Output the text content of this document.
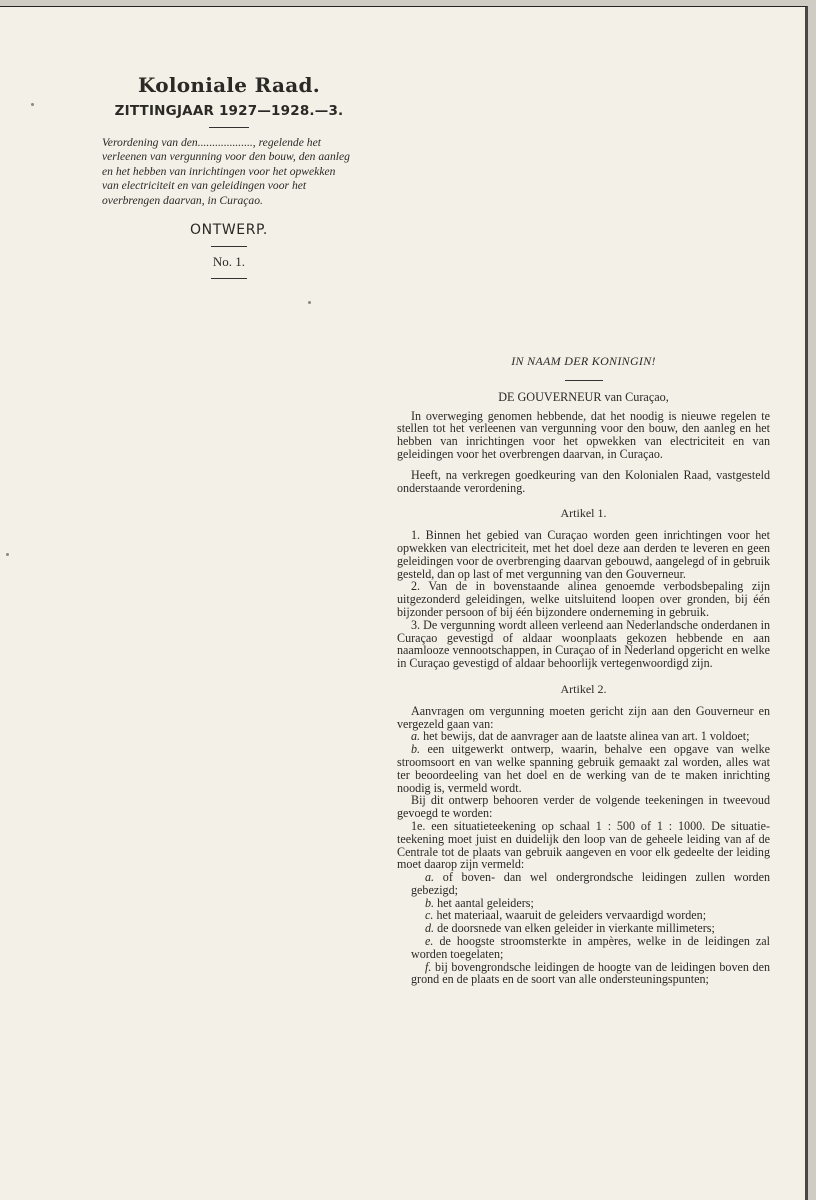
Koloniale Raad.
ZITTINGJAAR 1927—1928.—3.
Verordening van den..................., regelende het verleenen van vergunning voor den bouw, den aanleg en het hebben van inrichtingen voor het opwekken van electriciteit en van geleidingen voor het overbrengen daarvan, in Curaçao.
ONTWERP.
No. 1.
IN NAAM DER KONINGIN!
DE GOUVERNEUR van Curaçao,

In overweging genomen hebbende, dat het noodig is nieuwe regelen te stellen tot het verleenen van vergunning voor den bouw, den aanleg en het hebben van inrichtingen voor het opwekken van electriciteit en van geleidingen voor het overbrengen daarvan, in Curaçao.

Heeft, na verkregen goedkeuring van den Kolonialen Raad, vastgesteld onderstaande verordening.

Artikel 1.

1. Binnen het gebied van Curaçao worden geen inrichtingen voor het opwekken van electriciteit, met het doel deze aan derden te leveren en geen geleidingen voor de overbrenging daarvan gebouwd, aangelegd of in gebruik gesteld, dan op last of met vergunning van den Gouverneur.

2. Van de in bovenstaande alinea genoemde verbodsbepaling zijn uitgezonderd geleidingen, welke uitsluitend loopen over gronden, bij één bijzonder persoon of bij één bijzondere onderneming in gebruik.

3. De vergunning wordt alleen verleend aan Nederlandsche onderdanen in Curaçao gevestigd of aldaar woonplaats gekozen hebbende en aan naamlooze vennootschappen, in Curaçao of in Nederland opgericht en welke in Curaçao gevestigd of aldaar behoorlijk vertegenwoordigd zijn.

Artikel 2.

Aanvragen om vergunning moeten gericht zijn aan den Gouverneur en vergezeld gaan van:

a. het bewijs, dat de aanvrager aan de laatste alinea van art. 1 voldoet;
b. een uitgewerkt ontwerp, waarin, behalve een opgave van welke stroomsoort en van welke spanning gebruik gemaakt zal worden, alles wat ter beoordeeling van het doel en de werking van de te maken inrichting noodig is, vermeld wordt.

Bij dit ontwerp behooren verder de volgende teekeningen in tweevoud gevoegd te worden:

1e. een situatieteekening op schaal 1 : 500 of 1 : 1000. De situatie-teekening moet juist en duidelijk den loop van de geheele leiding van af de Centrale tot de plaats van gebruik aangeven en voor elk gedeelte der leiding moet daarop zijn vermeld:

a. of boven- dan wel ondergrondsche leidingen zullen worden gebezigd;
b. het aantal geleiders;
c. het materiaal, waaruit de geleiders vervaardigd worden;
d. de doorsnede van elken geleider in vierkante millimeters;
e. de hoogste stroomsterkte in ampères, welke in de leidingen zal worden toegelaten;
f. bij bovengrondsche leidingen de hoogte van de leidingen boven den grond en de plaats en de soort van alle ondersteuningspunten;
